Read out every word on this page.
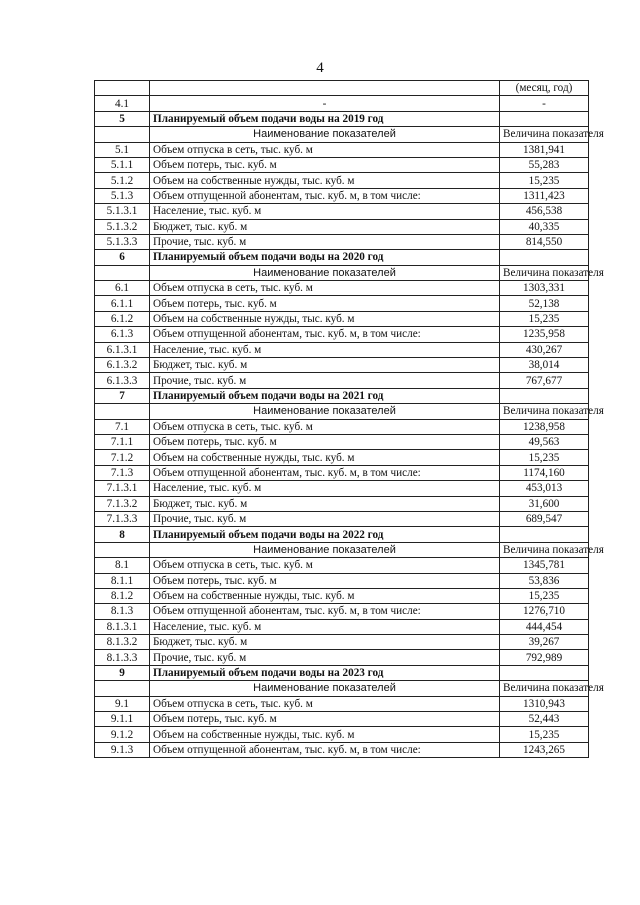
4
		(месяц, год)
4.1	-	-
5	Планируемый объем подачи воды на 2019 год	
	Наименование показателей	Величина показателя
5.1	Объем отпуска в сеть, тыс. куб. м	1381,941
5.1.1	Объем потерь, тыс. куб. м	55,283
5.1.2	Объем на собственные нужды, тыс. куб. м	15,235
5.1.3	Объем отпущенной абонентам, тыс. куб. м, в том числе:	1311,423
5.1.3.1	Население, тыс. куб. м	456,538
5.1.3.2	Бюджет, тыс. куб. м	40,335
5.1.3.3	Прочие, тыс. куб. м	814,550
6	Планируемый объем подачи воды на 2020 год	
	Наименование показателей	Величина показателя
6.1	Объем отпуска в сеть, тыс. куб. м	1303,331
6.1.1	Объем потерь, тыс. куб. м	52,138
6.1.2	Объем на собственные нужды, тыс. куб. м	15,235
6.1.3	Объем отпущенной абонентам, тыс. куб. м, в том числе:	1235,958
6.1.3.1	Население, тыс. куб. м	430,267
6.1.3.2	Бюджет, тыс. куб. м	38,014
6.1.3.3	Прочие, тыс. куб. м	767,677
7	Планируемый объем подачи воды на 2021 год	
	Наименование показателей	Величина показателя
7.1	Объем отпуска в сеть, тыс. куб. м	1238,958
7.1.1	Объем потерь, тыс. куб. м	49,563
7.1.2	Объем на собственные нужды, тыс. куб. м	15,235
7.1.3	Объем отпущенной абонентам, тыс. куб. м, в том числе:	1174,160
7.1.3.1	Население, тыс. куб. м	453,013
7.1.3.2	Бюджет, тыс. куб. м	31,600
7.1.3.3	Прочие, тыс. куб. м	689,547
8	Планируемый объем подачи воды на 2022 год	
	Наименование показателей	Величина показателя
8.1	Объем отпуска в сеть, тыс. куб. м	1345,781
8.1.1	Объем потерь, тыс. куб. м	53,836
8.1.2	Объем на собственные нужды, тыс. куб. м	15,235
8.1.3	Объем отпущенной абонентам, тыс. куб. м, в том числе:	1276,710
8.1.3.1	Население, тыс. куб. м	444,454
8.1.3.2	Бюджет, тыс. куб. м	39,267
8.1.3.3	Прочие, тыс. куб. м	792,989
9	Планируемый объем подачи воды на 2023 год	
	Наименование показателей	Величина показателя
9.1	Объем отпуска в сеть, тыс. куб. м	1310,943
9.1.1	Объем потерь, тыс. куб. м	52,443
9.1.2	Объем на собственные нужды, тыс. куб. м	15,235
9.1.3	Объем отпущенной абонентам, тыс. куб. м, в том числе:	1243,265
